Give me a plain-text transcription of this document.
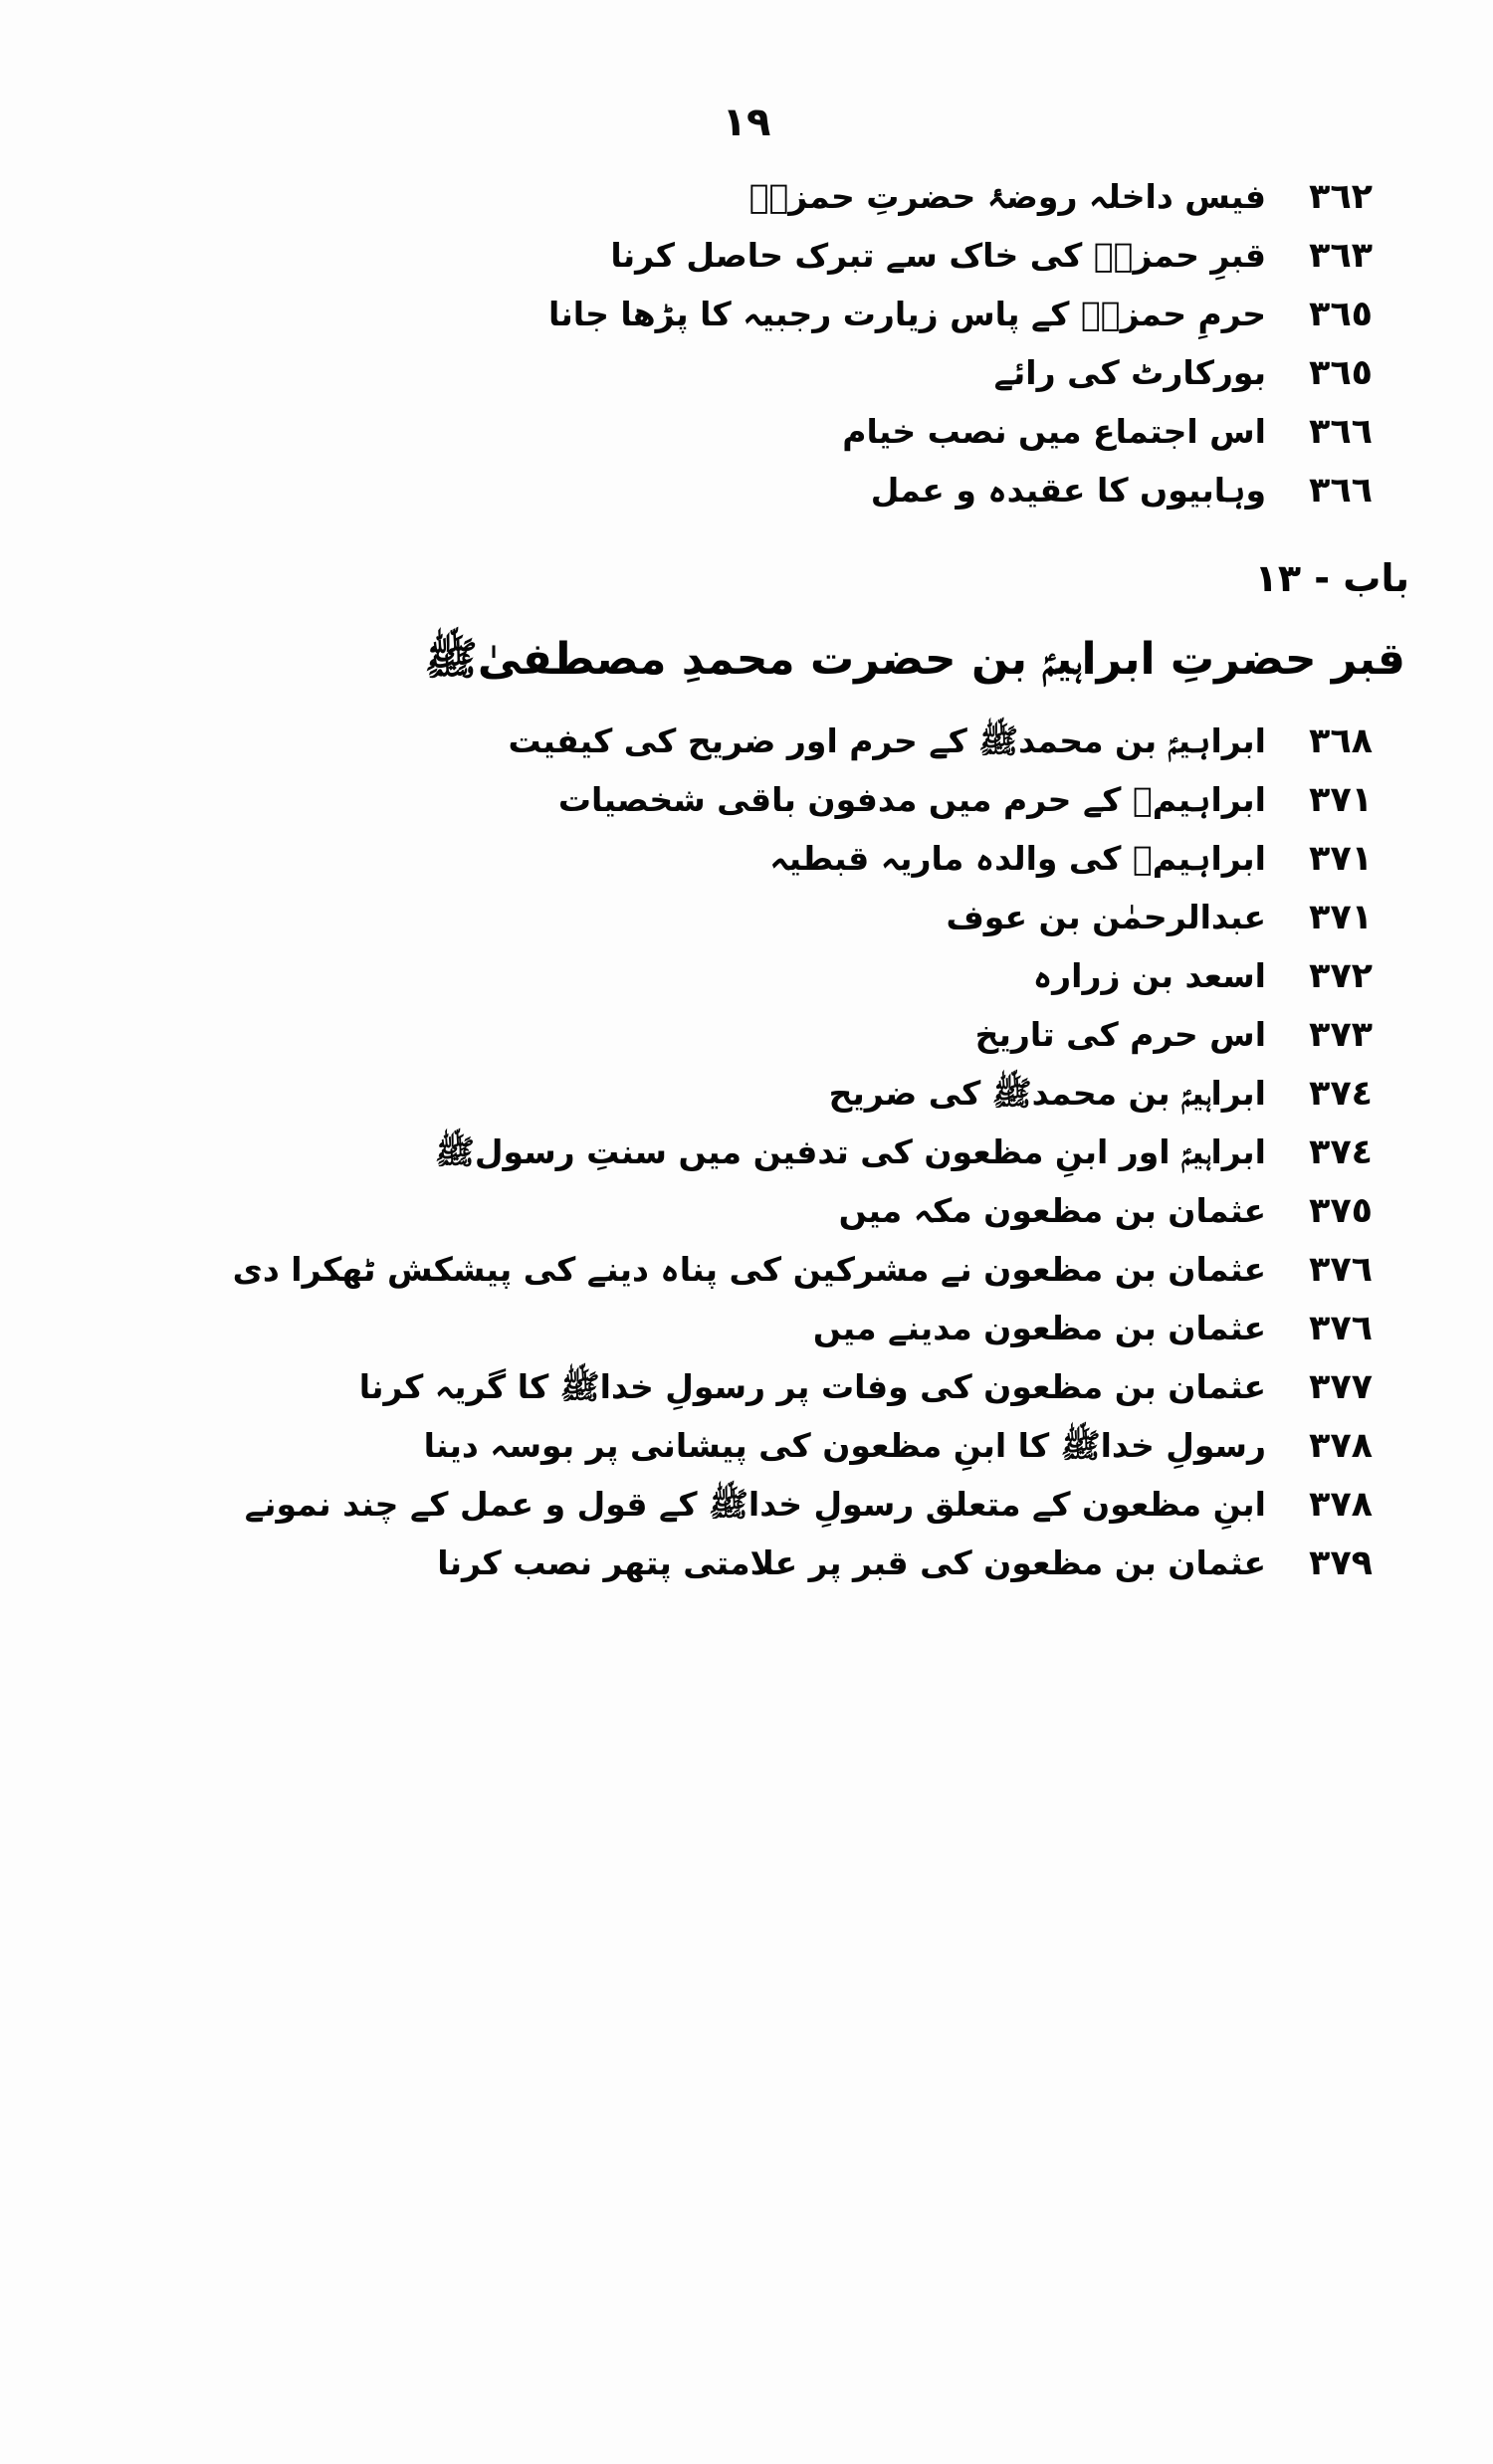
١٩
٣٦٢
فیس داخلہ روضۂ حضرتِ حمزہؓ
٣٦٣
قبرِ حمزہؓ کی خاک سے تبرک حاصل کرنا
٣٦٥
حرمِ حمزہؓ کے پاس زیارت رجبیہ کا پڑھا جانا
٣٦٥
بورکارٹ کی رائے
٣٦٦
اس اجتماع میں نصب خیام
٣٦٦
وہابیوں کا عقیدہ و عمل
باب - ١٣
قبر حضرتِ ابراہیمؑ بن حضرت محمدِ مصطفیٰﷺ
٣٦٨
ابراہیمؑ بن محمدﷺ کے حرم اور ضریح کی کیفیت
٣٧١
ابراہیمؑ کے حرم میں مدفون باقی شخصیات
٣٧١
ابراہیمؑ کی والدہ ماریہ قبطیہ
٣٧١
عبدالرحمٰن بن عوف
٣٧٢
اسعد بن زرارہ
٣٧٣
اس حرم کی تاریخ
٣٧٤
ابراہیمؑ بن محمدﷺ کی ضریح
٣٧٤
ابراہیمؑ اور ابنِ مظعون کی تدفین میں سنتِ رسولﷺ
٣٧٥
عثمان بن مظعون مکہ میں
٣٧٦
عثمان بن مظعون نے مشرکین کی پناہ دینے کی پیشکش ٹھکرا دی
٣٧٦
عثمان بن مظعون مدینے میں
٣٧٧
عثمان بن مظعون کی وفات پر رسولِ خداﷺ کا گریہ کرنا
٣٧٨
رسولِ خداﷺ کا ابنِ مظعون کی پیشانی پر بوسہ دینا
٣٧٨
ابنِ مظعون کے متعلق رسولِ خداﷺ کے قول و عمل کے چند نمونے
٣٧٩
عثمان بن مظعون کی قبر پر علامتی پتھر نصب کرنا
